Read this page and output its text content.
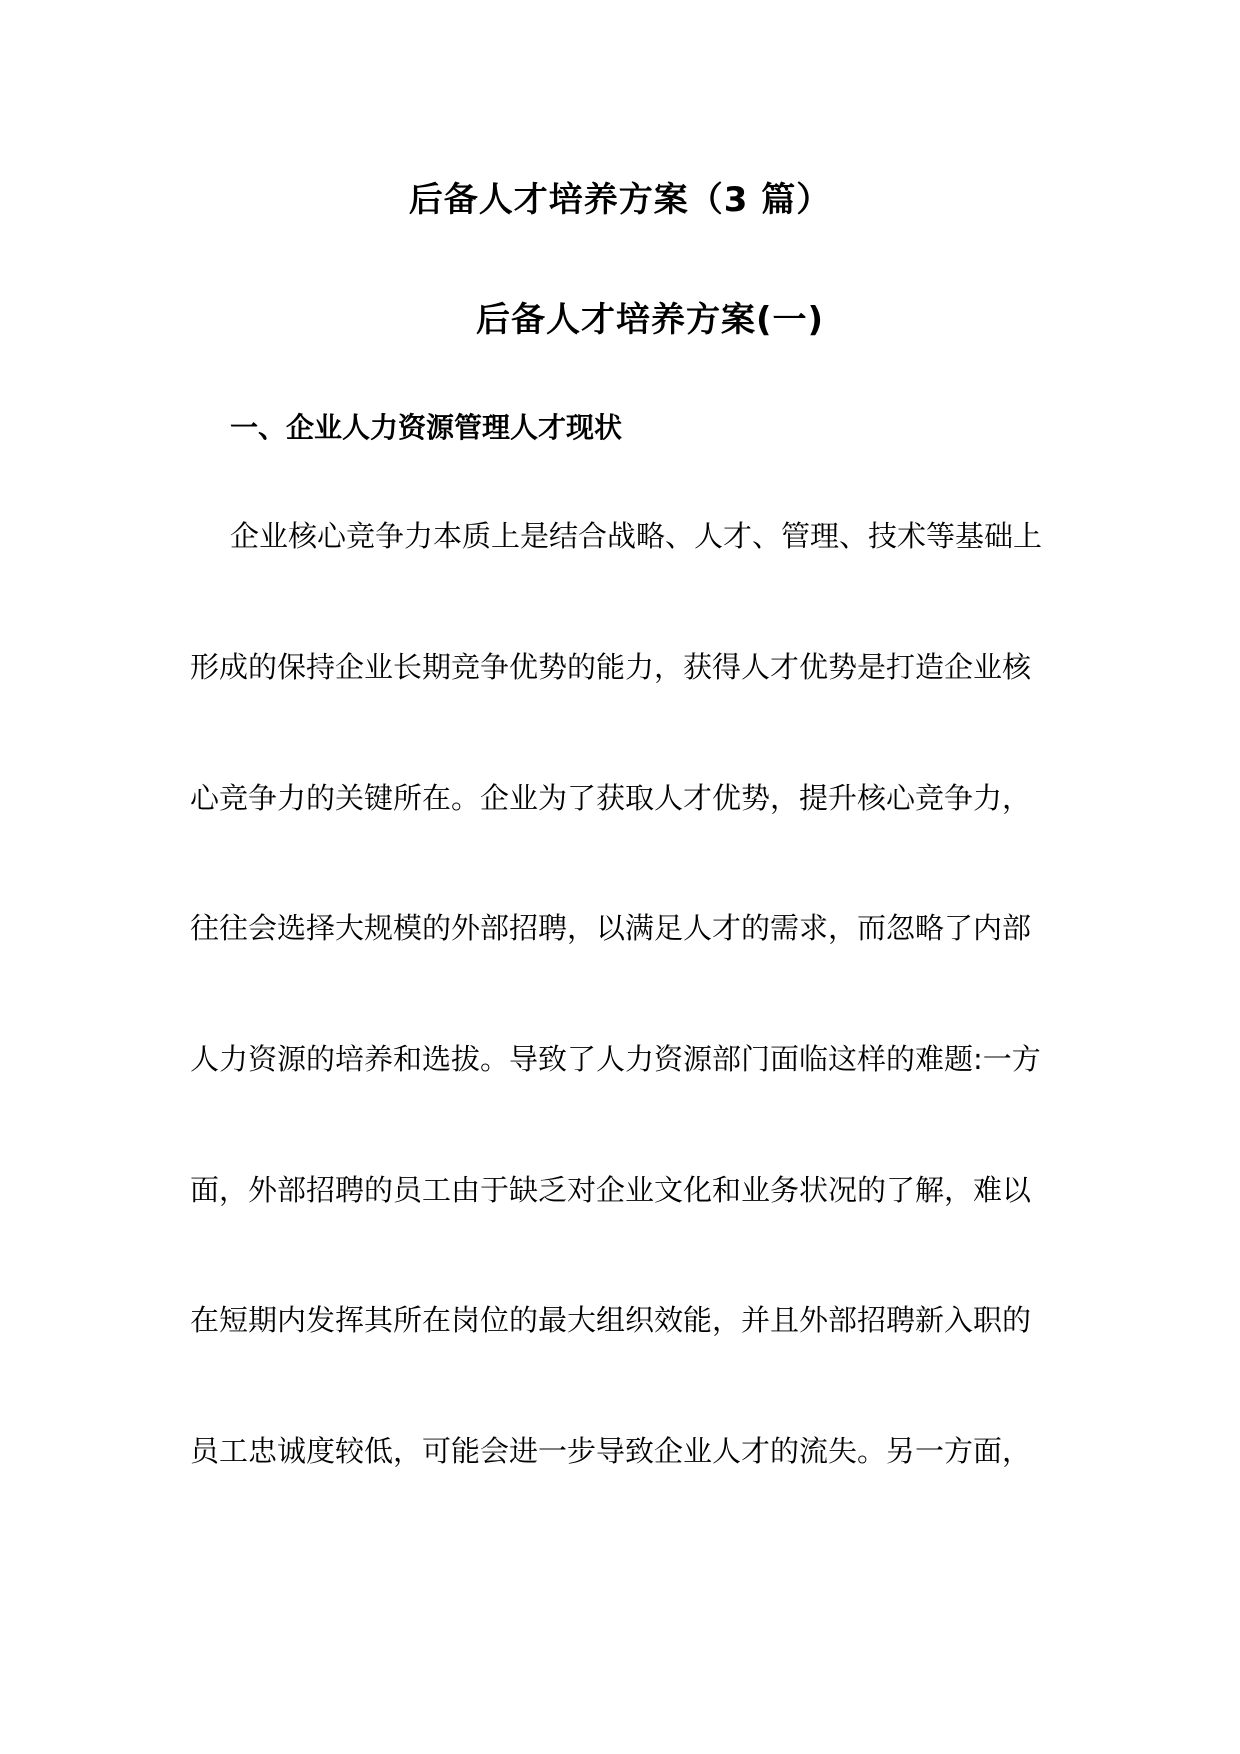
后备人才培养方案（3 篇）
后备人才培养方案(一)
一、企业人力资源管理人才现状
企业核心竞争力本质上是结合战略、人才、管理、技术等基础上
形成的保持企业长期竞争优势的能力，获得人才优势是打造企业核
心竞争力的关键所在。企业为了获取人才优势，提升核心竞争力，
往往会选择大规模的外部招聘，以满足人才的需求，而忽略了内部
人力资源的培养和选拔。导致了人力资源部门面临这样的难题:一方
面，外部招聘的员工由于缺乏对企业文化和业务状况的了解，难以
在短期内发挥其所在岗位的最大组织效能，并且外部招聘新入职的
员工忠诚度较低，可能会进一步导致企业人才的流失。另一方面，
